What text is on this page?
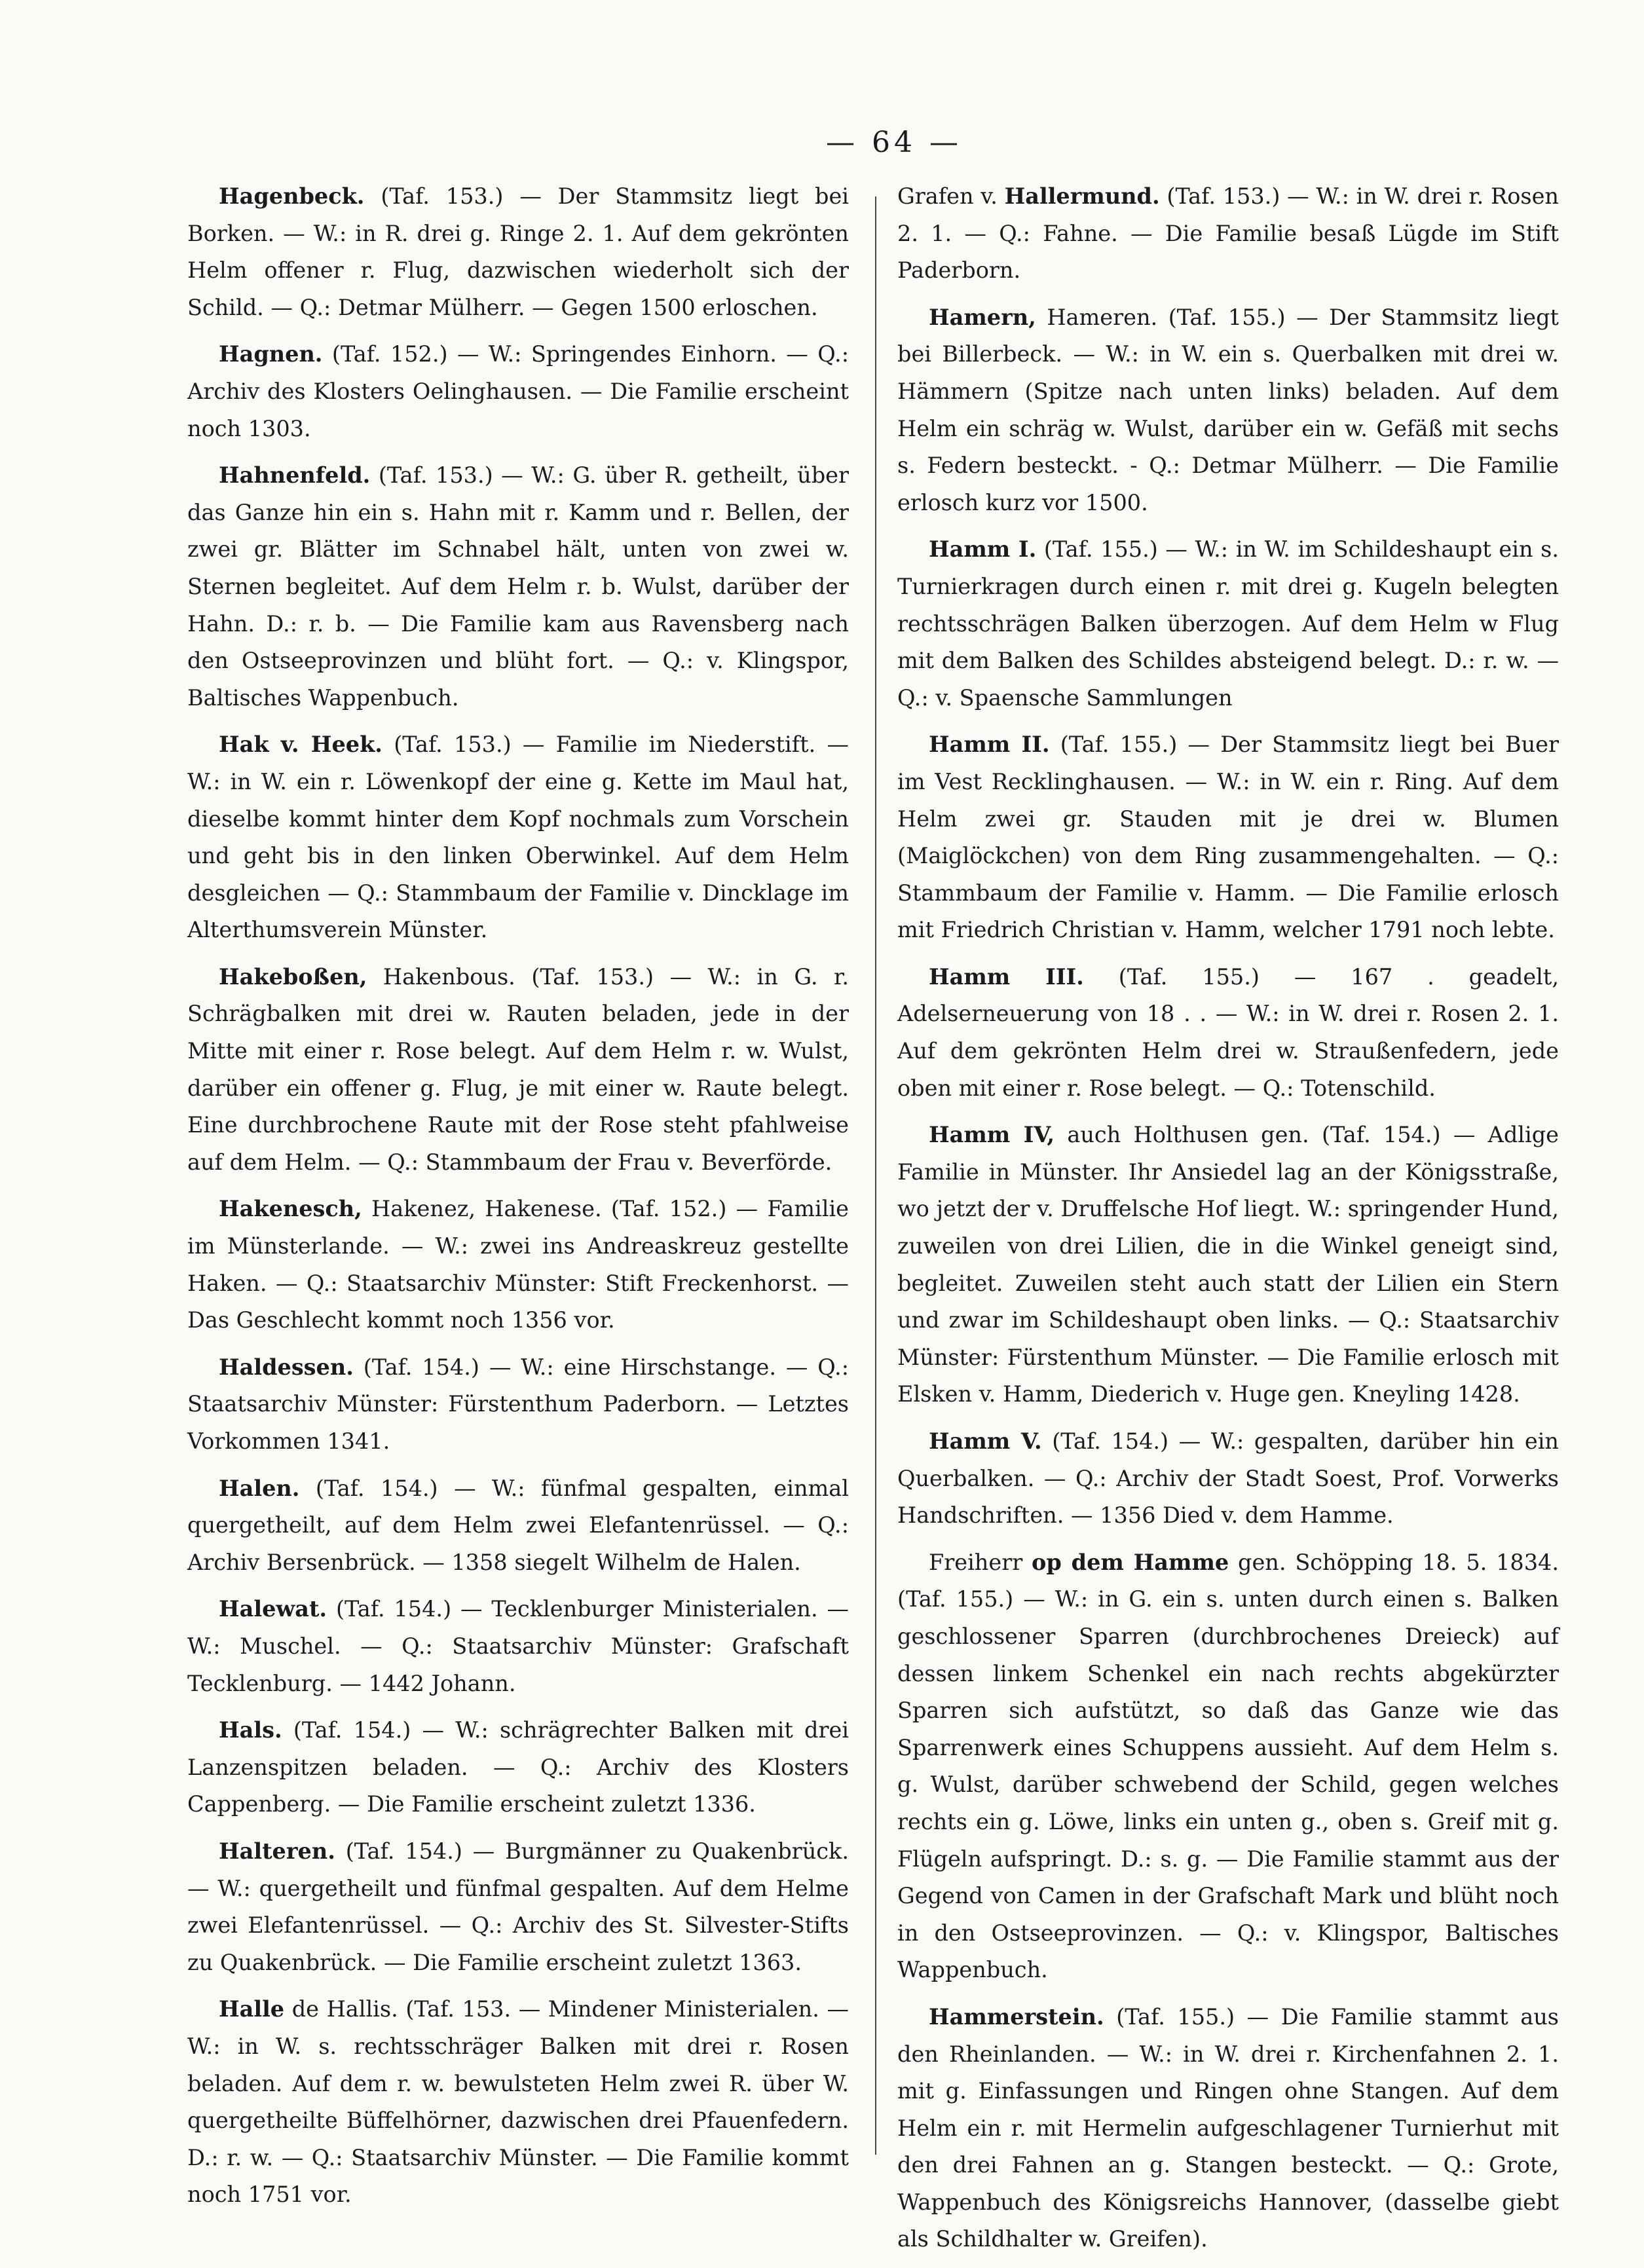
— 64 —

Hagenbeck. (Taf. 153.) — Der Stammsitz liegt bei Borken. — W.: in R. drei g. Ringe 2. 1. Auf dem gekrönten Helm offener r. Flug, dazwischen wiederholt sich der Schild. — Q.: Detmar Mülherr. — Gegen 1500 erloschen.

Hagnen. (Taf. 152.) — W.: Springendes Einhorn. — Q.: Archiv des Klosters Oelinghausen. — Die Familie erscheint noch 1303.

Hahnenfeld. (Taf. 153.) — W.: G. über R. getheilt, über das Ganze hin ein s. Hahn mit r. Kamm und r. Bellen, der zwei gr. Blätter im Schnabel hält, unten von zwei w. Sternen begleitet. Auf dem Helm r. b. Wulst, darüber der Hahn. D.: r. b. — Die Familie kam aus Ravensberg nach den Ostseeprovinzen und blüht fort. — Q.: v. Klingspor, Baltisches Wappenbuch.

Hak v. Heek. (Taf. 153.) — Familie im Niederstift. — W.: in W. ein r. Löwenkopf der eine g. Kette im Maul hat, dieselbe kommt hinter dem Kopf nochmals zum Vorschein und geht bis in den linken Oberwinkel. Auf dem Helm desgleichen — Q.: Stammbaum der Familie v. Dincklage im Alterthumsverein Münster.

Hakeboßen, Hakenbous. (Taf. 153.) — W.: in G. r. Schrägbalken mit drei w. Rauten beladen, jede in der Mitte mit einer r. Rose belegt. Auf dem Helm r. w. Wulst, darüber ein offener g. Flug, je mit einer w. Raute belegt. Eine durchbrochene Raute mit der Rose steht pfahlweise auf dem Helm. — Q.: Stammbaum der Frau v. Beverförde.

Hakenesch, Hakenez, Hakenese. (Taf. 152.) — Familie im Münsterlande. — W.: zwei ins Andreaskreuz gestellte Haken. — Q.: Staatsarchiv Münster: Stift Freckenhorst. — Das Geschlecht kommt noch 1356 vor.

Haldessen. (Taf. 154.) — W.: eine Hirschstange. — Q.: Staatsarchiv Münster: Fürstenthum Paderborn. — Letztes Vorkommen 1341.

Halen. (Taf. 154.) — W.: fünfmal gespalten, einmal quergetheilt, auf dem Helm zwei Elefantenrüssel. — Q.: Archiv Bersenbrück. — 1358 siegelt Wilhelm de Halen.

Halewat. (Taf. 154.) — Tecklenburger Ministerialen. — W.: Muschel. — Q.: Staatsarchiv Münster: Grafschaft Tecklenburg. — 1442 Johann.

Hals. (Taf. 154.) — W.: schrägrechter Balken mit drei Lanzenspitzen beladen. — Q.: Archiv des Klosters Cappenberg. — Die Familie erscheint zuletzt 1336.

Halteren. (Taf. 154.) — Burgmänner zu Quakenbrück. — W.: quergetheilt und fünfmal gespalten. Auf dem Helme zwei Elefantenrüssel. — Q.: Archiv des St. Silvester-Stifts zu Quakenbrück. — Die Familie erscheint zuletzt 1363.

Halle de Hallis. (Taf. 153. — Mindener Ministerialen. — W.: in W. s. rechtsschräger Balken mit drei r. Rosen beladen. Auf dem r. w. bewulsteten Helm zwei R. über W. quergetheilte Büffelhörner, dazwischen drei Pfauenfedern. D.: r. w. — Q.: Staatsarchiv Münster. — Die Familie kommt noch 1751 vor.

Grafen v. Hallermund. (Taf. 153.) — W.: in W. drei r. Rosen 2. 1. — Q.: Fahne. — Die Familie besaß Lügde im Stift Paderborn.

Hamern, Hameren. (Taf. 155.) — Der Stammsitz liegt bei Billerbeck. — W.: in W. ein s. Querbalken mit drei w. Hämmern (Spitze nach unten links) beladen. Auf dem Helm ein schräg w. Wulst, darüber ein w. Gefäß mit sechs s. Federn besteckt. - Q.: Detmar Mülherr. — Die Familie erlosch kurz vor 1500.

Hamm I. (Taf. 155.) — W.: in W. im Schildeshaupt ein s. Turnierkragen durch einen r. mit drei g. Kugeln belegten rechtsschrägen Balken überzogen. Auf dem Helm w Flug mit dem Balken des Schildes absteigend belegt. D.: r. w. — Q.: v. Spaensche Sammlungen

Hamm II. (Taf. 155.) — Der Stammsitz liegt bei Buer im Vest Recklinghausen. — W.: in W. ein r. Ring. Auf dem Helm zwei gr. Stauden mit je drei w. Blumen (Maiglöckchen) von dem Ring zusammengehalten. — Q.: Stammbaum der Familie v. Hamm. — Die Familie erlosch mit Friedrich Christian v. Hamm, welcher 1791 noch lebte.

Hamm III. (Taf. 155.) — 167 . geadelt, Adelserneuerung von 18 . . — W.: in W. drei r. Rosen 2. 1. Auf dem gekrönten Helm drei w. Straußenfedern, jede oben mit einer r. Rose belegt. — Q.: Totenschild.

Hamm IV, auch Holthusen gen. (Taf. 154.) — Adlige Familie in Münster. Ihr Ansiedel lag an der Königsstraße, wo jetzt der v. Druffelsche Hof liegt. W.: springender Hund, zuweilen von drei Lilien, die in die Winkel geneigt sind, begleitet. Zuweilen steht auch statt der Lilien ein Stern und zwar im Schildeshaupt oben links. — Q.: Staatsarchiv Münster: Fürstenthum Münster. — Die Familie erlosch mit Elsken v. Hamm, Diederich v. Huge gen. Kneyling 1428.

Hamm V. (Taf. 154.) — W.: gespalten, darüber hin ein Querbalken. — Q.: Archiv der Stadt Soest, Prof. Vorwerks Handschriften. — 1356 Died v. dem Hamme.

Freiherr op dem Hamme gen. Schöpping 18. 5. 1834. (Taf. 155.) — W.: in G. ein s. unten durch einen s. Balken geschlossener Sparren (durchbrochenes Dreieck) auf dessen linkem Schenkel ein nach rechts abgekürzter Sparren sich aufstützt, so daß das Ganze wie das Sparrenwerk eines Schuppens aussieht. Auf dem Helm s. g. Wulst, darüber schwebend der Schild, gegen welches rechts ein g. Löwe, links ein unten g., oben s. Greif mit g. Flügeln aufspringt. D.: s. g. — Die Familie stammt aus der Gegend von Camen in der Grafschaft Mark und blüht noch in den Ostseeprovinzen. — Q.: v. Klingspor, Baltisches Wappenbuch.

Hammerstein. (Taf. 155.) — Die Familie stammt aus den Rheinlanden. — W.: in W. drei r. Kirchenfahnen 2. 1. mit g. Einfassungen und Ringen ohne Stangen. Auf dem Helm ein r. mit Hermelin aufgeschlagener Turnierhut mit den drei Fahnen an g. Stangen besteckt. — Q.: Grote, Wappenbuch des Königsreichs Hannover, (dasselbe giebt als Schildhalter w. Greifen).
